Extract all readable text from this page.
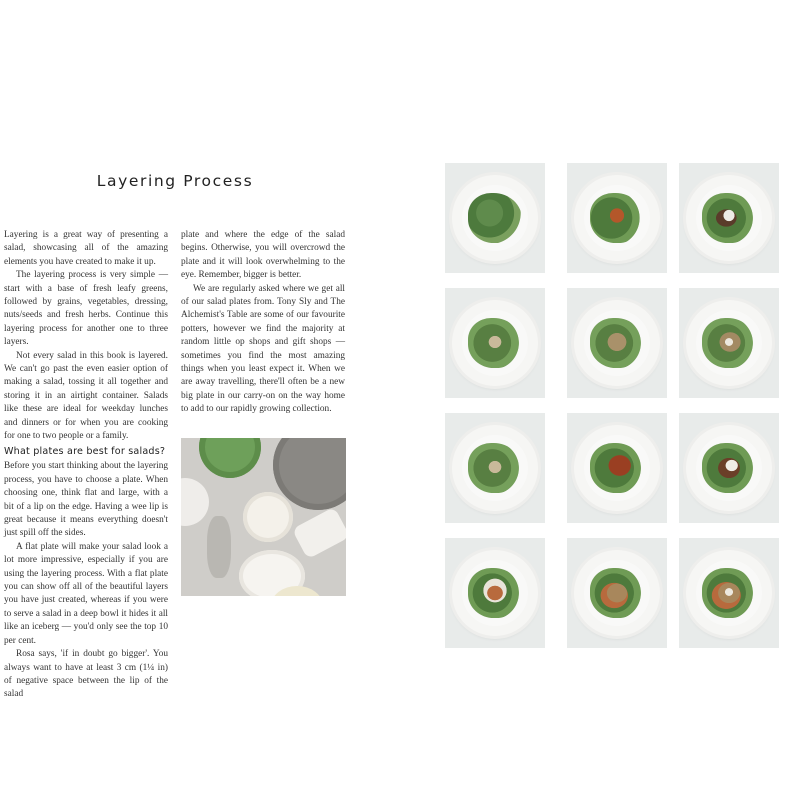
Layering Process

Layering is a great way of presenting a salad, showcasing all of the amazing elements you have created to make it up.

The layering process is very simple — start with a base of fresh leafy greens, followed by grains, vegetables, dressing, nuts/seeds and fresh herbs. Continue this layering process for another one to three layers.

Not every salad in this book is layered. We can't go past the even easier option of making a salad, tossing it all together and storing it in an airtight container. Salads like these are ideal for weekday lunches and dinners or for when you are cooking for one to two people or a family.

plate and where the edge of the salad begins. Otherwise, you will overcrowd the plate and it will look overwhelming to the eye. Remember, bigger is better.

We are regularly asked where we get all of our salad plates from. Tony Sly and The Alchemist's Table are some of our favourite potters, however we find the majority at random little op shops and gift shops — sometimes you find the most amazing things when you least expect it. When we are away travelling, there'll often be a new big plate in our carry-on on the way home to add to our rapidly growing collection.

What plates are best for salads?

Before you start thinking about the layering process, you have to choose a plate. When choosing one, think flat and large, with a bit of a lip on the edge. Having a wee lip is great because it means everything doesn't just spill off the sides.

A flat plate will make your salad look a lot more impressive, especially if you are using the layering process. With a flat plate you can show off all of the beautiful layers you have just created, whereas if you were to serve a salad in a deep bowl it hides it all like an iceberg — you'd only see the top 10 per cent.

Rosa says, 'if in doubt go bigger'. You always want to have at least 3 cm (1¼ in) of negative space between the lip of the salad
